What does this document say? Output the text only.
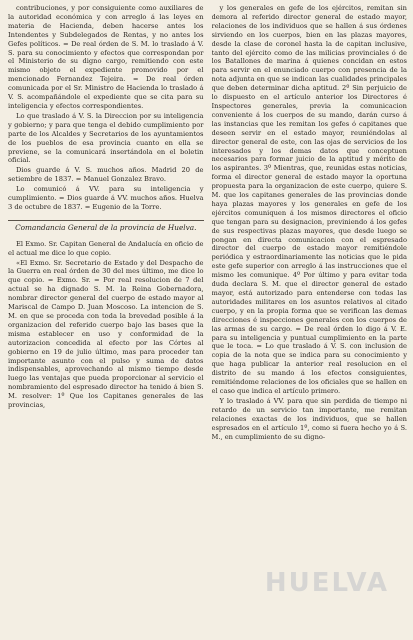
contribuciones, y por consiguiente como auxiliares de la autoridad económica y con arreglo á las leyes en materia de Hacienda, deben hacerse antes los Intendentes y Subdelegados de Rentas, y no antes los Gefes políticos. = De real órden de S. M. lo traslado á V. S. para su conocimiento y efectos que correspondan por el Ministerio de su digno cargo, remitiendo con este mismo objeto el expediente promovido por el mencionado Fernandez Tejeira. = De real órden comunicada por el Sr. Ministro de Hacienda lo traslado á V. S. acompañándole el expediente que se cita para su inteligencia y efectos correspondientes.

Lo que traslado á V. S. la Direccion por su inteligencia y gobierno; y para que tenga el debido cumplimiento por parte de los Alcaldes y Secretarios de los ayuntamientos de los pueblos de esa provincia cuanto en ella se previene, se la comunicará insertándola en el boletin oficial.

Dios guarde á V. S. muchos años. Madrid 20 de setiembre de 1837. = Manuel Gonzalez Bravo.

Lo comunicó á VV. para su inteligencia y cumplimiento. = Dios guarde á VV. muchos años. Huelva 3 de octubre de 1837. = Eugenio de la Torre.

Comandancia General de la provincia de Huelva.

El Exmo. Sr. Capitan General de Andalucía en oficio de el actual me dice lo que copio.

«El Exmo. Sr. Secretario de Estado y del Despacho de la Guerra en real órden de 30 del mes último, me dice lo que copio. = Exmo. Sr. = Por real resolucion de 7 del actual se ha dignado S. M. la Reina Gobernadora, nombrar director general del cuerpo de estado mayor al Mariscal de Campo D. Juan Moscoso. La intencion de S. M. en que se proceda con toda la brevedad posible á la organizacion del referido cuerpo bajo las bases que la misma establecer en uso y conformidad de la autorizacion concedida al efecto por las Córtes al gobierno en 19 de julio último, mas para proceder tan importante asunto con el pulso y suma de datos indispensables, aprovechando al mismo tiempo desde luego las ventajas que pueda proporcionar al servicio el nombramiento del espresado director ha tenido á bien S. M. resolver: 1º Que los Capitanes generales de las provincias,

y los generales en gefe de los ejércitos, remitan sin demora al referido director general de estado mayor, relaciones de los individuos que se hallen á sus órdenes sirviendo en los cuerpos, bien en las plazas mayores, desde la clase de coronel hasta la de capitan inclusive, tanto del ejército como de las milicias provinciales ó de los Batallones de marina á quienes concidan en estos para servir en el enunciado cuerpo con presencia de la nota adjunta en que se indican las cualidades principales que deben determinar dicha aptitud. 2º Sin perjuicio de lo dispuesto en el artículo anterior los Directores é Inspectores generales, previa la comunicacion conveniente á los cuerpos de su mando, darán curso á las instancias que les remitan los gefes ó capitanes que deseen servir en el estado mayor, reuniéndolas al director general de este, con las ojas de servicios de los interesados y los demas datos que conceptuen necesarios para formar juicio de la aptitud y mérito de los aspirantes. 3º Mientras, que, reunidas estas noticias, forma el director general de estado mayor la oportuna propuesta para la organizacion de este cuerpo, quiere S. M. que los capitanes generales de las provincias donde haya plazas mayores y los generales en gefe de los ejércitos comuniquen á los mismos directores el oficio que tengan para su designacion, previniendo á los gefes de sus respectivas plazas mayores, que desde luego se pongan en directa comunicacion con el espresado director del cuerpo de estado mayor remitiéndole periódica y estraordinariamente las noticias que le pida este gefe superior con arreglo á las instrucciones que el mismo les comunique. 4º Por último y para evitar toda duda declara S. M. que el director general de estado mayor, está autorizado para entenderse con todas las autoridades militares en los asuntos relativos al citado cuerpo, y en la propia forma que se verifican las demas direcciones é inspecciones generales con los cuerpos de las armas de su cargo. = De real órden lo digo á V. E. para su inteligencia y puntual cumplimiento en la parte que le toca. = Lo que traslado á V. S. con inclusion de copia de la nota que se indica para su conocimiento y que haga publicar la anterior real resolucion en el distrito de su mando á los efectos consiguientes, remitiéndome relaciones de los oficiales que se hallen en el caso que indica el artículo primero.

Y lo traslado á VV. para que sin perdida de tiempo ni retardo de un servicio tan importante, me remitan relaciones exactas de los individuos, que se hallen espresados en el artículo 1º, como si fuera hecho yo á S. M., en cumplimiento de su digno-

HUELVA
